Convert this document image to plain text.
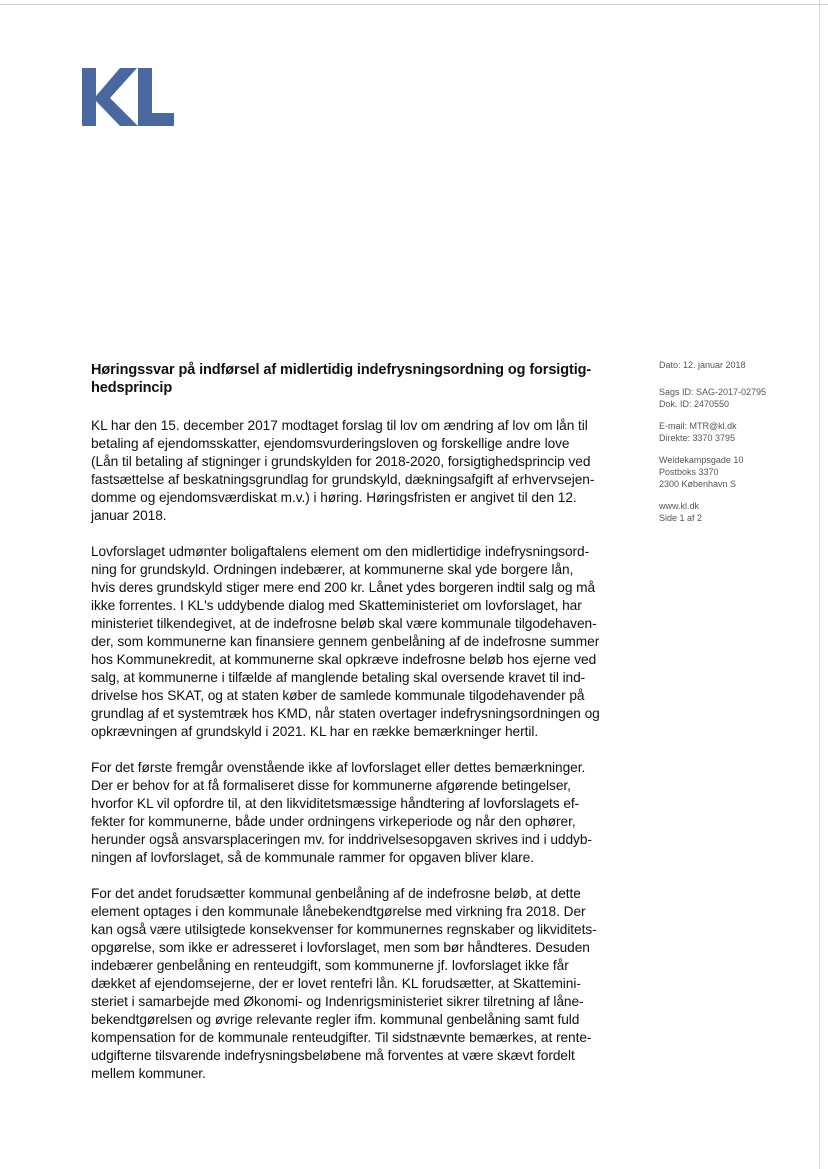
Høringssvar på indførsel af midlertidig indefrysningsordning og forsigtig-
hedsprincip

KL har den 15. december 2017 modtaget forslag til lov om ændring af lov om lån til
betaling af ejendomsskatter, ejendomsvurderingsloven og forskellige andre love
(Lån til betaling af stigninger i grundskylden for 2018-2020, forsigtighedsprincip ved
fastsættelse af beskatningsgrundlag for grundskyld, dækningsafgift af erhvervsejen-
domme og ejendomsværdiskat m.v.) i høring. Høringsfristen er angivet til den 12.
januar 2018.

Lovforslaget udmønter boligaftalens element om den midlertidige indefrysningsord-
ning for grundskyld. Ordningen indebærer, at kommunerne skal yde borgere lån,
hvis deres grundskyld stiger mere end 200 kr. Lånet ydes borgeren indtil salg og må
ikke forrentes. I KL's uddybende dialog med Skatteministeriet om lovforslaget, har
ministeriet tilkendegivet, at de indefrosne beløb skal være kommunale tilgodehaven-
der, som kommunerne kan finansiere gennem genbelåning af de indefrosne summer
hos Kommunekredit, at kommunerne skal opkræve indefrosne beløb hos ejerne ved
salg, at kommunerne i tilfælde af manglende betaling skal oversende kravet til ind-
drivelse hos SKAT, og at staten køber de samlede kommunale tilgodehavender på
grundlag af et systemtræk hos KMD, når staten overtager indefrysningsordningen og
opkrævningen af grundskyld i 2021. KL har en række bemærkninger hertil.

For det første fremgår ovenstående ikke af lovforslaget eller dettes bemærkninger.
Der er behov for at få formaliseret disse for kommunerne afgørende betingelser,
hvorfor KL vil opfordre til, at den likviditetsmæssige håndtering af lovforslagets ef-
fekter for kommunerne, både under ordningens virkeperiode og når den ophører,
herunder også ansvarsplaceringen mv. for inddrivelsesopgaven skrives ind i uddyb-
ningen af lovforslaget, så de kommunale rammer for opgaven bliver klare.

For det andet forudsætter kommunal genbelåning af de indefrosne beløb, at dette
element optages i den kommunale lånebekendtgørelse med virkning fra 2018. Der
kan også være utilsigtede konsekvenser for kommunernes regnskaber og likviditets-
opgørelse, som ikke er adresseret i lovforslaget, men som bør håndteres. Desuden
indebærer genbelåning en renteudgift, som kommunerne jf. lovforslaget ikke får
dækket af ejendomsejerne, der er lovet rentefri lån. KL forudsætter, at Skattemini-
steriet i samarbejde med Økonomi- og Indenrigsministeriet sikrer tilretning af låne-
bekendtgørelsen og øvrige relevante regler ifm. kommunal genbelåning samt fuld
kompensation for de kommunale renteudgifter. Til sidstnævnte bemærkes, at rente-
udgifterne tilsvarende indefrysningsbeløbene må forventes at være skævt fordelt
mellem kommuner.

Dato: 12. januar 2018
Sags ID: SAG-2017-02795
Dok. ID: 2470550
E-mail: MTR@kl.dk
Direkte: 3370 3795
Weidekampsgade 10
Postboks 3370
2300 København S
www.kl.dk
Side 1 af 2
